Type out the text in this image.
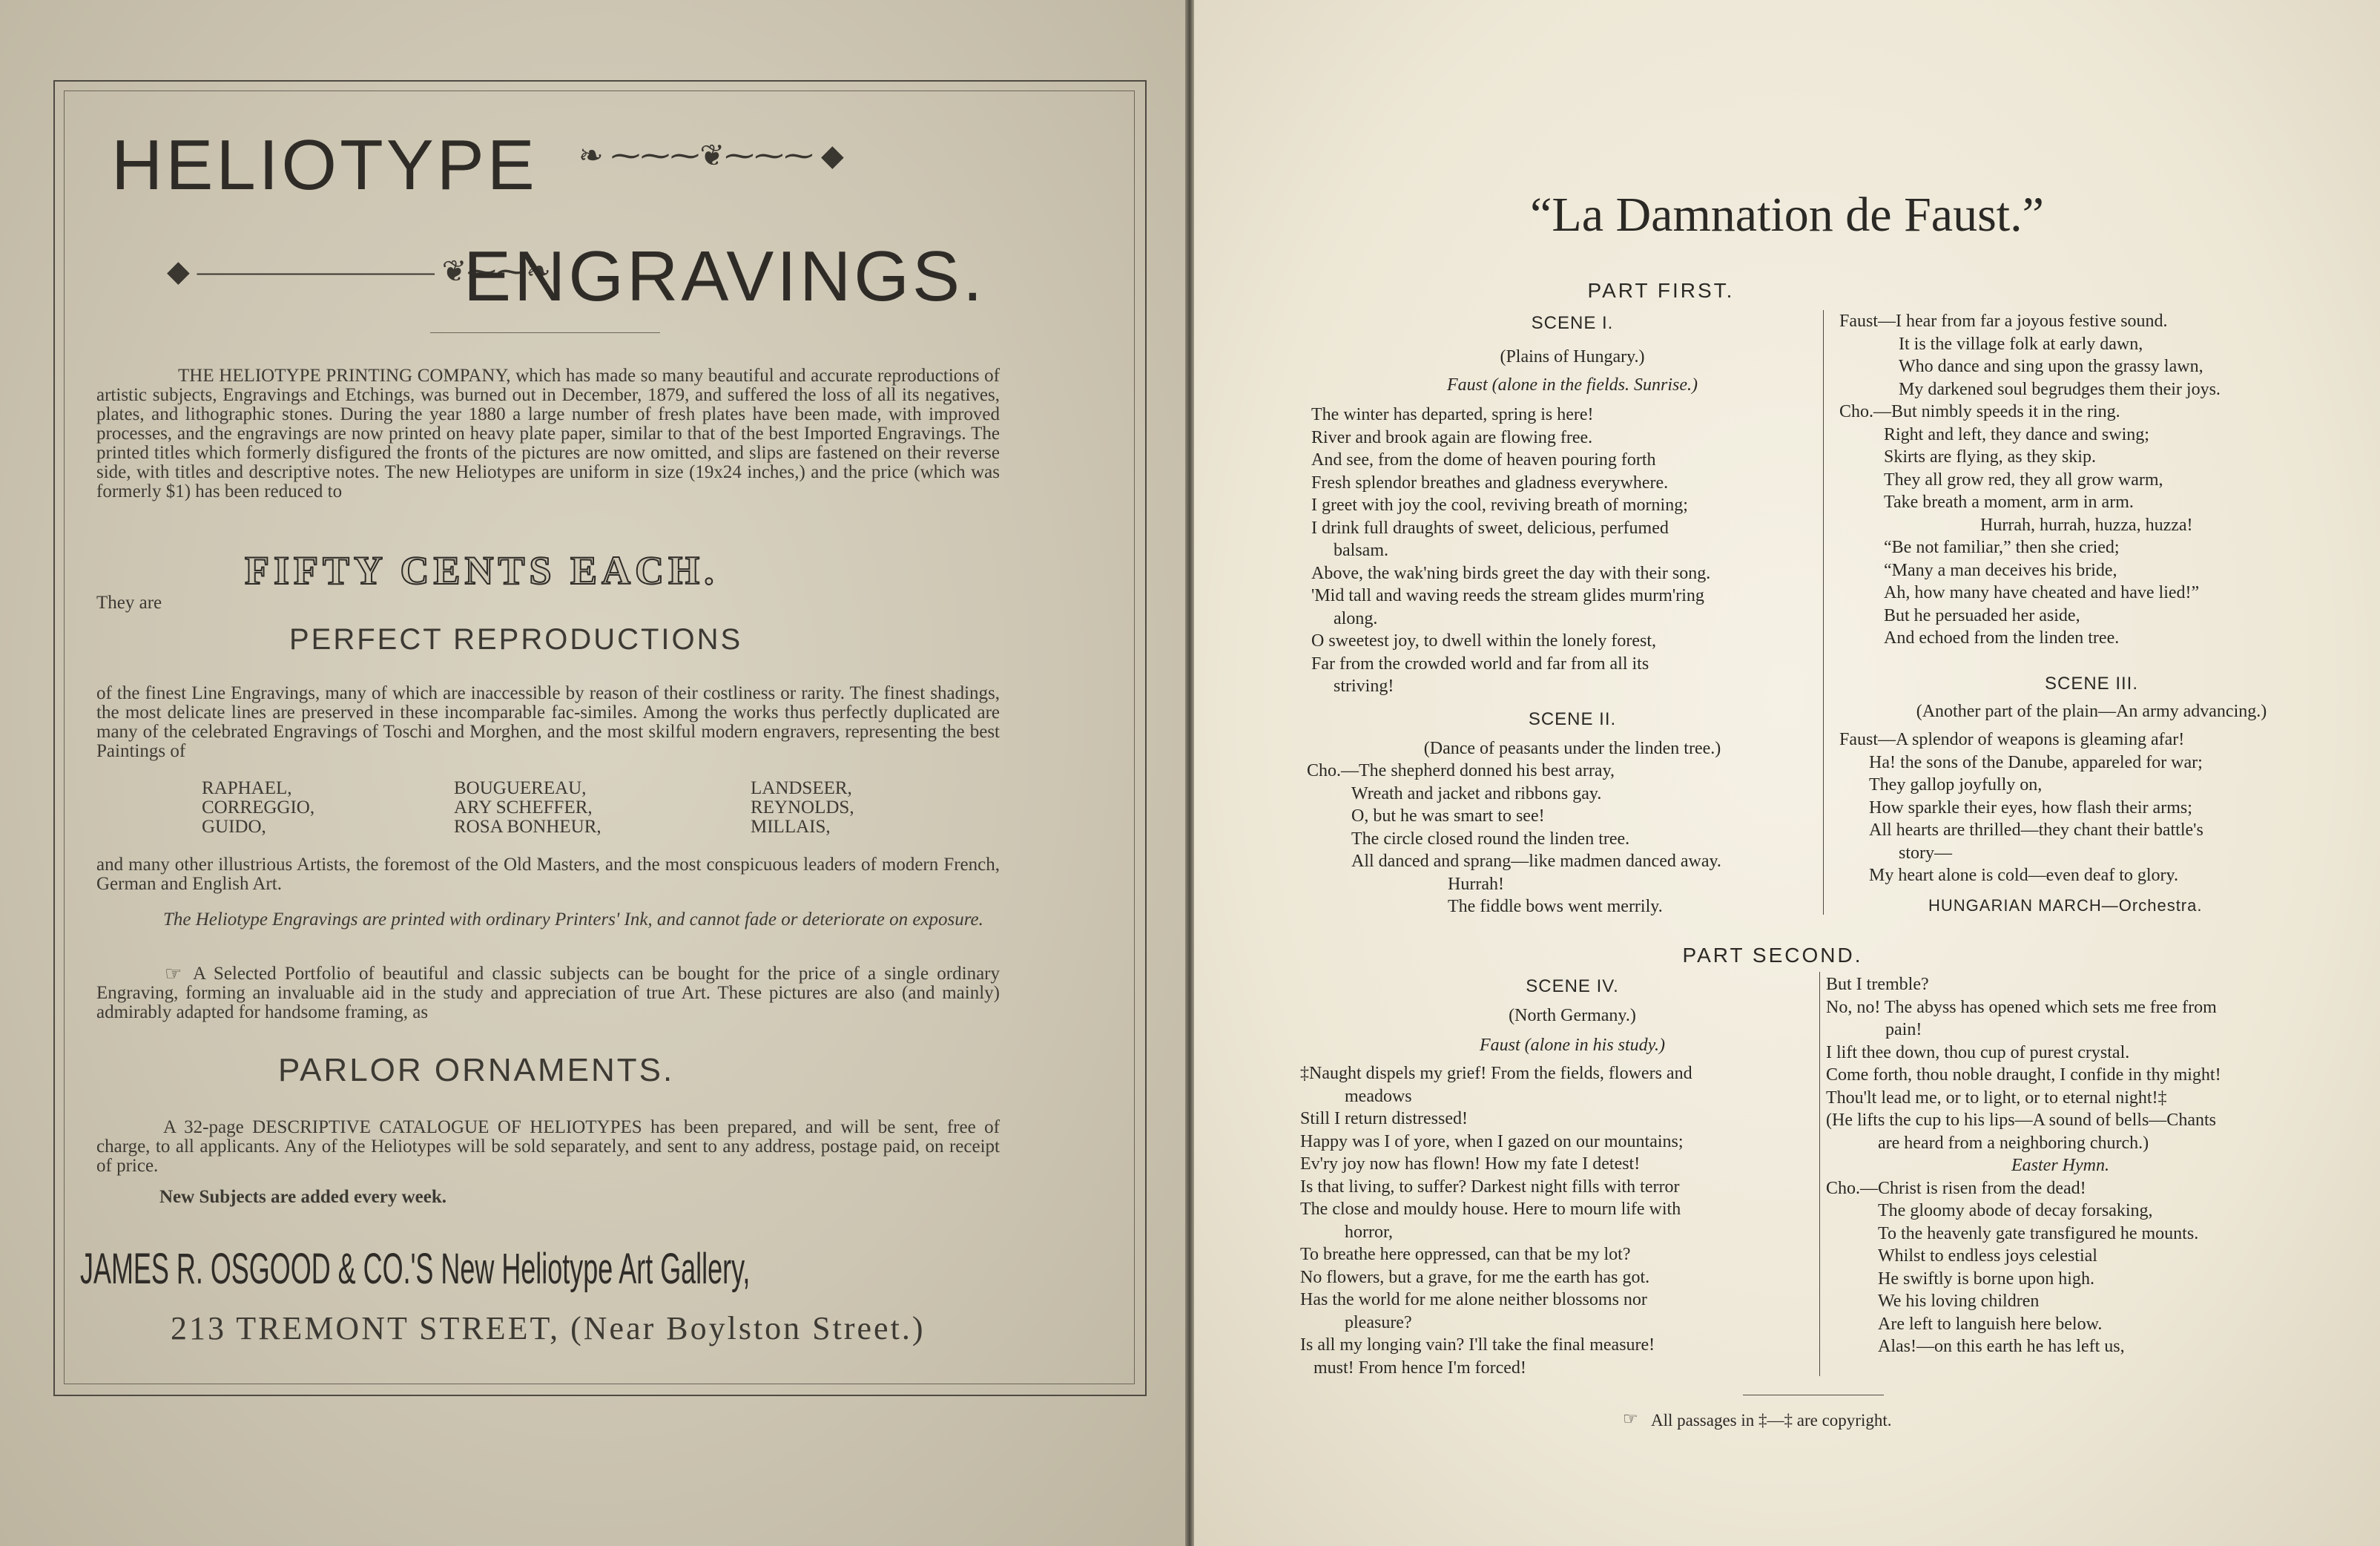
HELIOTYPE ❧ ⁓⁓⁓❦⁓⁓⁓ ◆
◆ ———————— ❦⁓⁓❧
ENGRAVINGS.
THE HELIOTYPE PRINTING COMPANY, which has made so many beautiful and accurate reproductions of artistic subjects, Engravings and Etchings, was burned out in December, 1879, and suffered the loss of all its negatives, plates, and lithographic stones. During the year 1880 a large number of fresh plates have been made, with improved processes, and the engravings are now printed on heavy plate paper, similar to that of the best Imported Engravings. The printed titles which formerly disfigured the fronts of the pictures are now omitted, and slips are fastened on their reverse side, with titles and descriptive notes. The new Heliotypes are uniform in size (19x24 inches,) and the price (which was formerly $1) has been reduced to
FIFTY CENTS EACH.
They are
PERFECT REPRODUCTIONS
of the finest Line Engravings, many of which are inaccessible by reason of their costliness or rarity. The finest shadings, the most delicate lines are preserved in these incomparable fac-similes. Among the works thus perfectly duplicated are many of the celebrated Engravings of Toschi and Morghen, and the most skilful modern engravers, representing the best Paintings of
RAPHAEL,
CORREGGIO,
GUIDO,
BOUGUEREAU,
ARY SCHEFFER,
ROSA BONHEUR,
LANDSEER,
REYNOLDS,
MILLAIS,
and many other illustrious Artists, the foremost of the Old Masters, and the most conspicuous leaders of modern French, German and English Art.
The Heliotype Engravings are printed with ordinary Printers' Ink, and cannot fade or deteriorate on exposure.
☞ A Selected Portfolio of beautiful and classic subjects can be bought for the price of a single ordinary Engraving, forming an invaluable aid in the study and appreciation of true Art. These pictures are also (and mainly) admirably adapted for handsome framing, as
PARLOR ORNAMENTS.
A 32-page DESCRIPTIVE CATALOGUE OF HELIOTYPES has been prepared, and will be sent, free of charge, to all applicants. Any of the Heliotypes will be sold separately, and sent to any address, postage paid, on receipt of price.
New Subjects are added every week.
JAMES R. OSGOOD & CO.'S New Heliotype Art Gallery,
213 TREMONT STREET, (Near Boylston Street.)
“La Damnation de Faust.”
PART FIRST.
SCENE I.
(Plains of Hungary.)
Faust (alone in the fields. Sunrise.)
The winter has departed, spring is here!
River and brook again are flowing free.
And see, from the dome of heaven pouring forth
Fresh splendor breathes and gladness everywhere.
I greet with joy the cool, reviving breath of morning;
I drink full draughts of sweet, delicious, perfumed
balsam.
Above, the wak'ning birds greet the day with their song.
'Mid tall and waving reeds the stream glides murm'ring
along.
O sweetest joy, to dwell within the lonely forest,
Far from the crowded world and far from all its
striving!
SCENE II.
(Dance of peasants under the linden tree.)
Cho.—The shepherd donned his best array,
Wreath and jacket and ribbons gay.
O, but he was smart to see!
The circle closed round the linden tree.
All danced and sprang—like madmen danced away.
Hurrah!
The fiddle bows went merrily.
Faust—I hear from far a joyous festive sound.
It is the village folk at early dawn,
Who dance and sing upon the grassy lawn,
My darkened soul begrudges them their joys.
Cho.—But nimbly speeds it in the ring.
Right and left, they dance and swing;
Skirts are flying, as they skip.
They all grow red, they all grow warm,
Take breath a moment, arm in arm.
Hurrah, hurrah, huzza, huzza!
“Be not familiar,” then she cried;
“Many a man deceives his bride,
Ah, how many have cheated and have lied!”
But he persuaded her aside,
And echoed from the linden tree.
SCENE III.
(Another part of the plain—An army advancing.)
Faust—A splendor of weapons is gleaming afar!
Ha! the sons of the Danube, appareled for war;
They gallop joyfully on,
How sparkle their eyes, how flash their arms;
All hearts are thrilled—they chant their battle's
story—
My heart alone is cold—even deaf to glory.
HUNGARIAN MARCH—Orchestra.
PART SECOND.
SCENE IV.
(North Germany.)
Faust (alone in his study.)
‡Naught dispels my grief! From the fields, flowers and
meadows
Still I return distressed!
Happy was I of yore, when I gazed on our mountains;
Ev'ry joy now has flown! How my fate I detest!
Is that living, to suffer? Darkest night fills with terror
The close and mouldy house. Here to mourn life with
horror,
To breathe here oppressed, can that be my lot?
No flowers, but a grave, for me the earth has got.
Has the world for me alone neither blossoms nor
pleasure?
Is all my longing vain? I'll take the final measure!
must! From hence I'm forced!
But I tremble?
No, no! The abyss has opened which sets me free from
pain!
I lift thee down, thou cup of purest crystal.
Come forth, thou noble draught, I confide in thy might!
Thou'lt lead me, or to light, or to eternal night!‡
(He lifts the cup to his lips—A sound of bells—Chants
are heard from a neighboring church.)
Easter Hymn.
Cho.—Christ is risen from the dead!
The gloomy abode of decay forsaking,
To the heavenly gate transfigured he mounts.
Whilst to endless joys celestial
He swiftly is borne upon high.
We his loving children
Are left to languish here below.
Alas!—on this earth he has left us,
☞ All passages in ‡—‡ are copyright.
